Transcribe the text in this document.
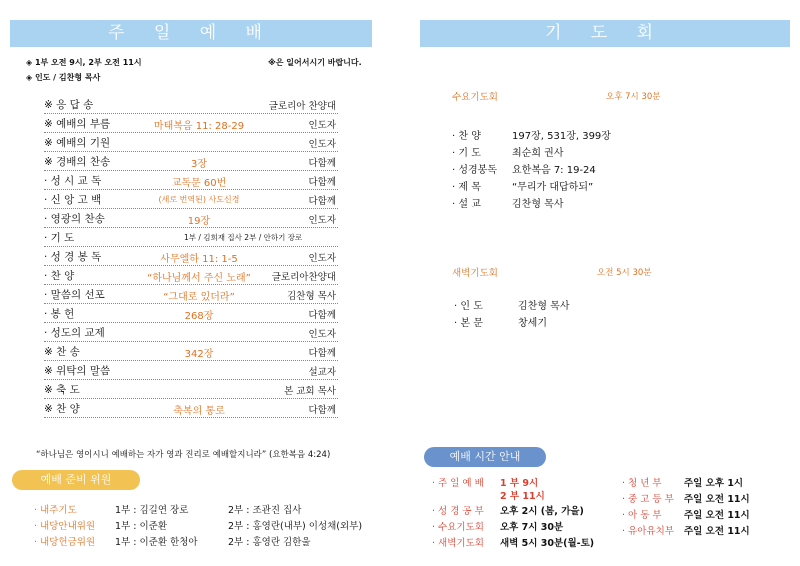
주 일 예 배
◈ 1부 오전 9시, 2부 오전 11시	※은 일어서시기 바랍니다.
◈ 인도 / 김찬형 목사
※ 응 답 송	글로리아 찬양대
※ 예배의 부름	마태복음 11: 28-29	인도자
※ 예배의 기원	인도자
※ 경배의 찬송	3장	다함께
· 성 시 교 독	교독문 60번	다함께
· 신 앙 고 백	(새로 번역된) 사도신경	다함께
· 영광의 찬송	19장	인도자
· 기 도	1부 / 김희재 집사 2부 / 안하기 장로
· 성 경 봉 독	사무엘하 11: 1-5	인도자
· 찬 양	“하나님께서 주신 노래”	글로리아찬양대
· 말씀의 선포	“그대로 있더라”	김찬형 목사
· 봉 헌	268장	다함께
· 성도의 교제	인도자
※ 찬 송	342장	다함께
※ 위탁의 말씀	설교자
※ 축 도	본 교회 목사
※ 찬 양	축복의 통로	다함께
“하나님은 영이시니 예배하는 자가 영과 진리로 예배할지니라” (요한복음 4:24)
예배 준비 위원
· 내주기도	1부 : 김길연 장로	2부 : 조관진 집사
· 내당안내위원 1부 : 이준환	2부 : 홍영란(내부) 이성채(외부)
· 내당헌금위원 1부 : 이준환 한청아	2부 : 홍영란 김한울
기 도 회
수요기도회	오후 7시 30분
· 찬 양	197장, 531장, 399장
· 기 도	최순희 권사
· 성경봉독 요한복음 7: 19-24
· 제 목	“무리가 대답하되”
· 설 교	김찬형 목사
새벽기도회	오전 5시 30분
· 인 도	김찬형 목사
· 본 문	창세기
예배 시간 안내
· 주 일 예 배 1 부 9시
2 부 11시
· 성 경 공 부 오후 2시 (봄, 가을)
· 수요기도회 오후 7시 30분
· 새벽기도회 새벽 5시 30분(월-토)
· 청 년 부 주일 오후 1시
· 중 고 등 부 주일 오전 11시
· 아 동 부 주일 오전 11시
· 유아유치부 주일 오전 11시
